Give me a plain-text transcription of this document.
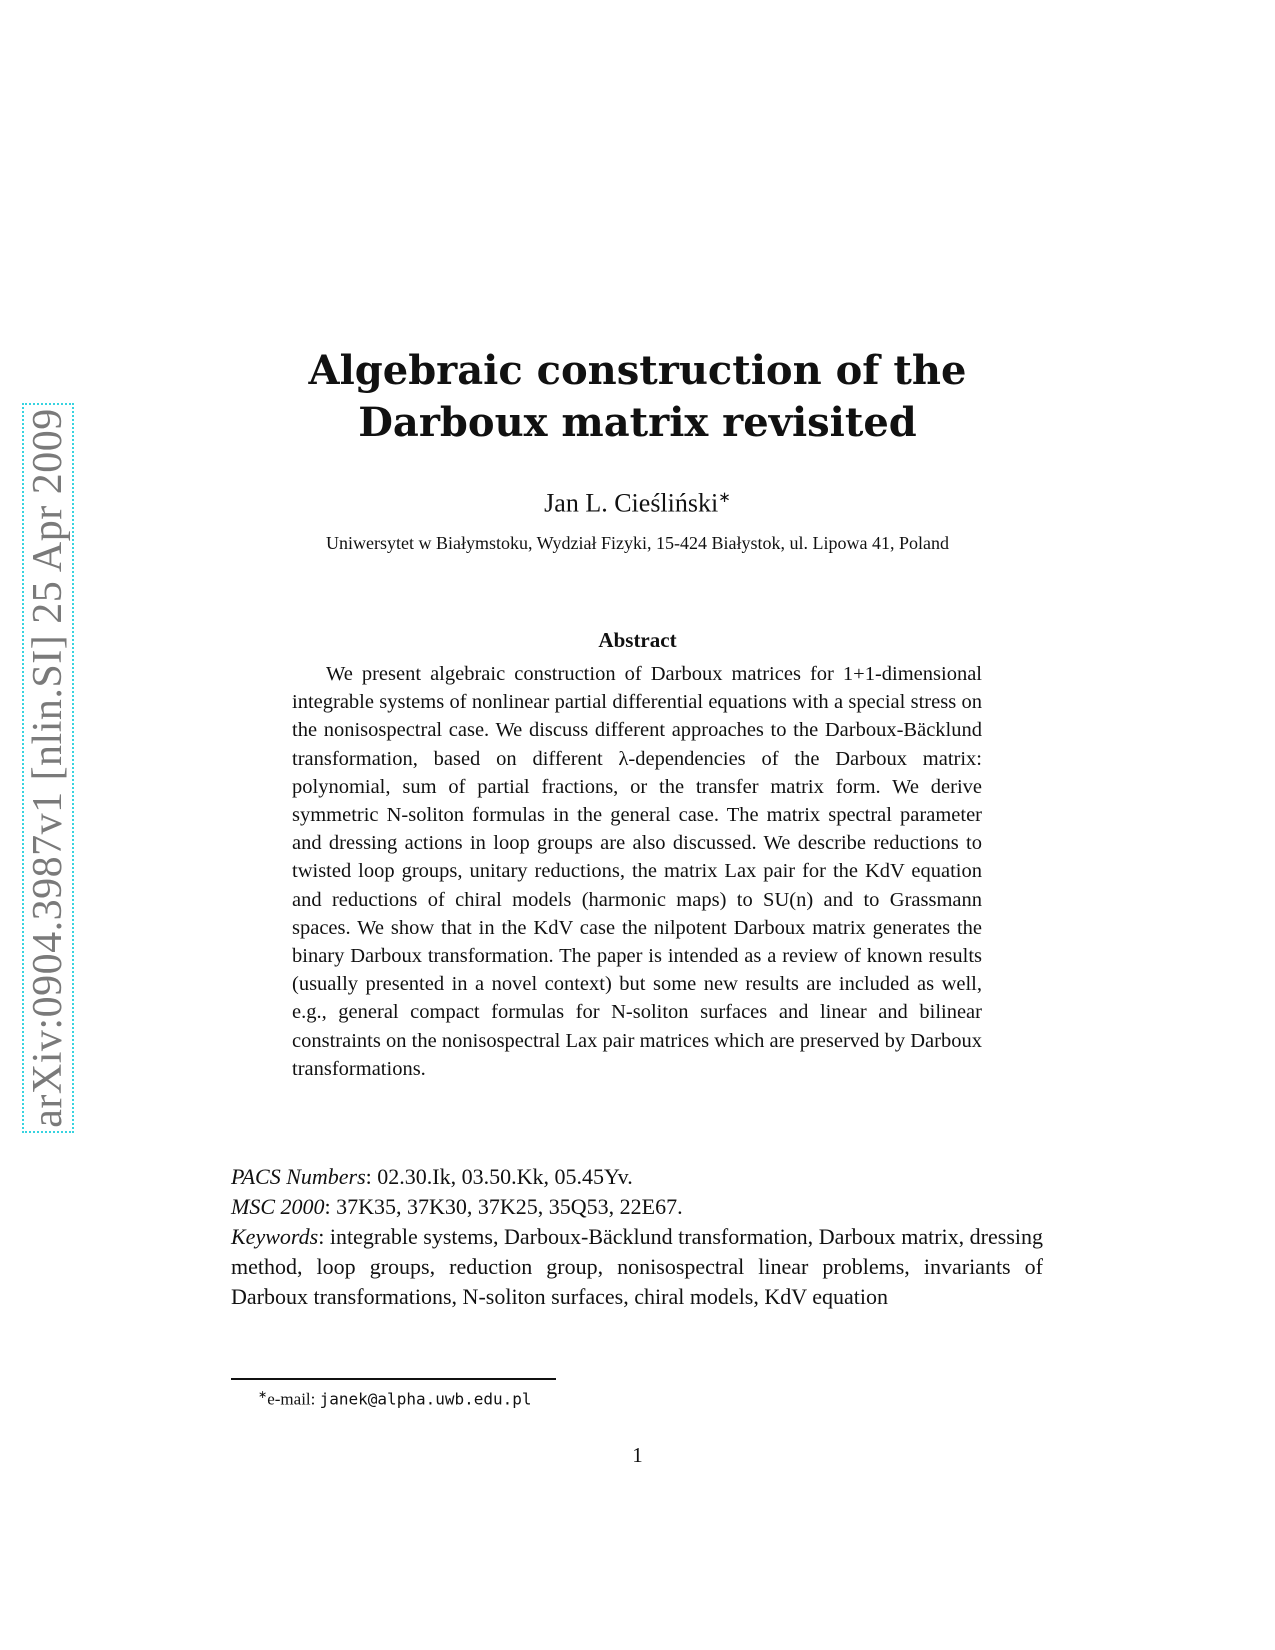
arXiv:0904.3987v1 [nlin.SI] 25 Apr 2009
Algebraic construction of the
Darboux matrix revisited
Jan L. Cieśliński∗
Uniwersytet w Białymstoku, Wydział Fizyki, 15-424 Białystok, ul. Lipowa 41, Poland
Abstract
We present algebraic construction of Darboux matrices for 1+1-dimensional integrable systems of nonlinear partial differential equations with a special stress on the nonisospectral case. We discuss different approaches to the Darboux-Bäcklund transformation, based on different λ-dependencies of the Darboux matrix: polynomial, sum of partial fractions, or the transfer matrix form. We derive symmetric N-soliton formulas in the general case. The matrix spectral parameter and dressing actions in loop groups are also discussed. We describe reductions to twisted loop groups, unitary reductions, the matrix Lax pair for the KdV equation and reductions of chiral models (harmonic maps) to SU(n) and to Grassmann spaces. We show that in the KdV case the nilpotent Darboux matrix generates the binary Darboux transformation. The paper is intended as a review of known results (usually presented in a novel context) but some new results are included as well, e.g., general compact formulas for N-soliton surfaces and linear and bilinear constraints on the nonisospectral Lax pair matrices which are preserved by Darboux transformations.
PACS Numbers: 02.30.Ik, 03.50.Kk, 05.45Yv.
MSC 2000: 37K35, 37K30, 37K25, 35Q53, 22E67.
Keywords: integrable systems, Darboux-Bäcklund transformation, Darboux matrix, dressing method, loop groups, reduction group, nonisospectral linear problems, invariants of Darboux transformations, N-soliton surfaces, chiral models, KdV equation
∗e-mail: janek@alpha.uwb.edu.pl
1
